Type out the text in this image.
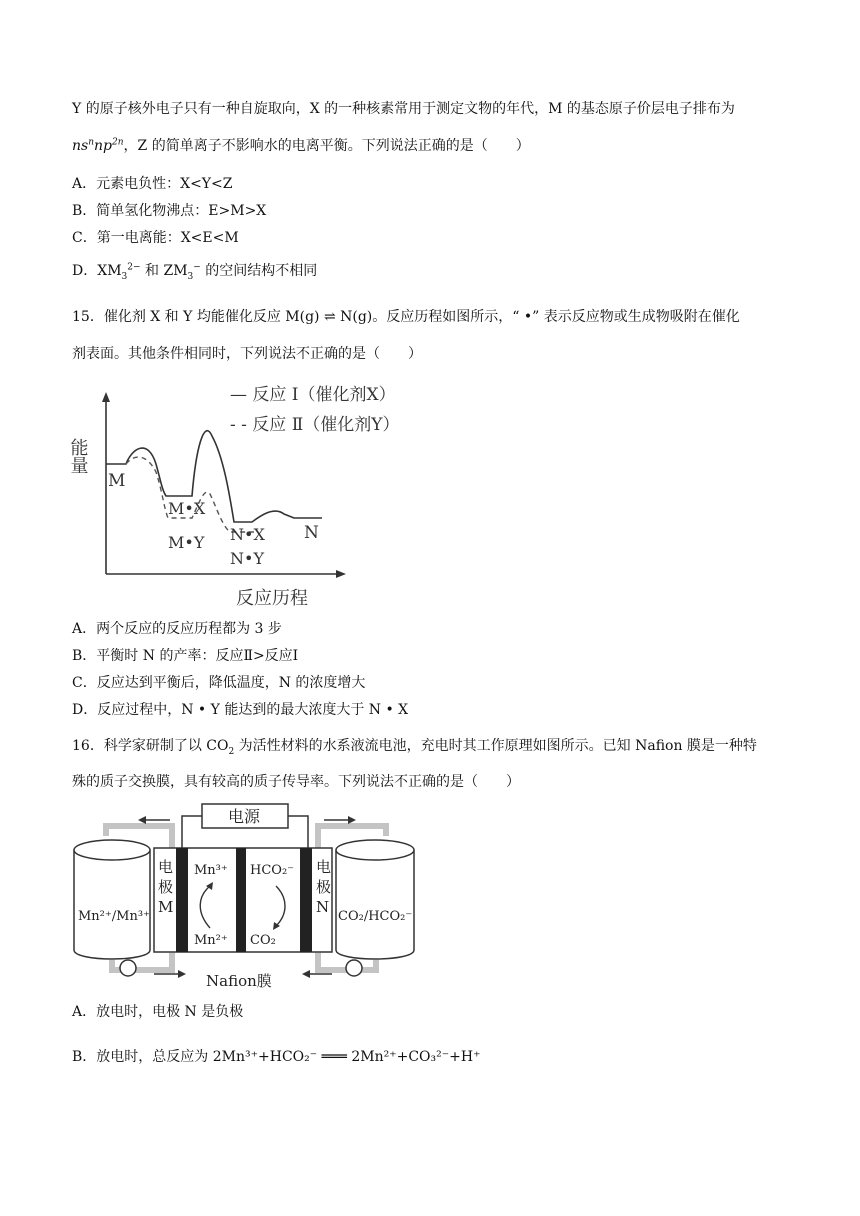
Y 的原子核外电子只有一种自旋取向，X 的一种核素常用于测定文物的年代，M 的基态原子价层电子排布为
$ns^nnp^{2n}$，Z 的简单离子不影响水的电离平衡。下列说法正确的是（　　）
A．元素电负性：X<Y<Z
B．简单氢化物沸点：E>M>X
C．第一电离能：X<E<M
D．$XM_3^{2-}$ 和 $ZM_3^-$ 的空间结构不相同
15．催化剂 X 和 Y 均能催化反应 M(g) ⇌ N(g)。反应历程如图所示，“ •” 表示反应物或生成物吸附在催化
剂表面。其他条件相同时，下列说法不正确的是（　　）
— 反应 Ⅰ（催化剂X）
- - 反应 Ⅱ（催化剂Y）
能量
反应历程
M
M•X
M•Y N•X
N•Y
N
A．两个反应的反应历程都为 3 步
B．平衡时 N 的产率：反应Ⅱ>反应Ⅰ
C．反应达到平衡后，降低温度，N 的浓度增大
D．反应过程中，N • Y 能达到的最大浓度大于 N • X
16．科学家研制了以 $CO_2$ 为活性材料的水系液流电池，充电时其工作原理如图所示。已知 Nafion 膜是一种特
殊的质子交换膜，具有较高的质子传导率。下列说法不正确的是（　　）
电源
Mn²⁺/Mn³⁺	CO₂/HCO₂⁻
电
极
M
电
极
N
Mn³⁺
Mn²⁺
HCO₂⁻
CO₂
Nafion膜
A．放电时，电极 N 是负极
B．放电时，总反应为 2Mn³⁺+HCO₂⁻ ═══ 2Mn²⁺+CO₃²⁻+H⁺
